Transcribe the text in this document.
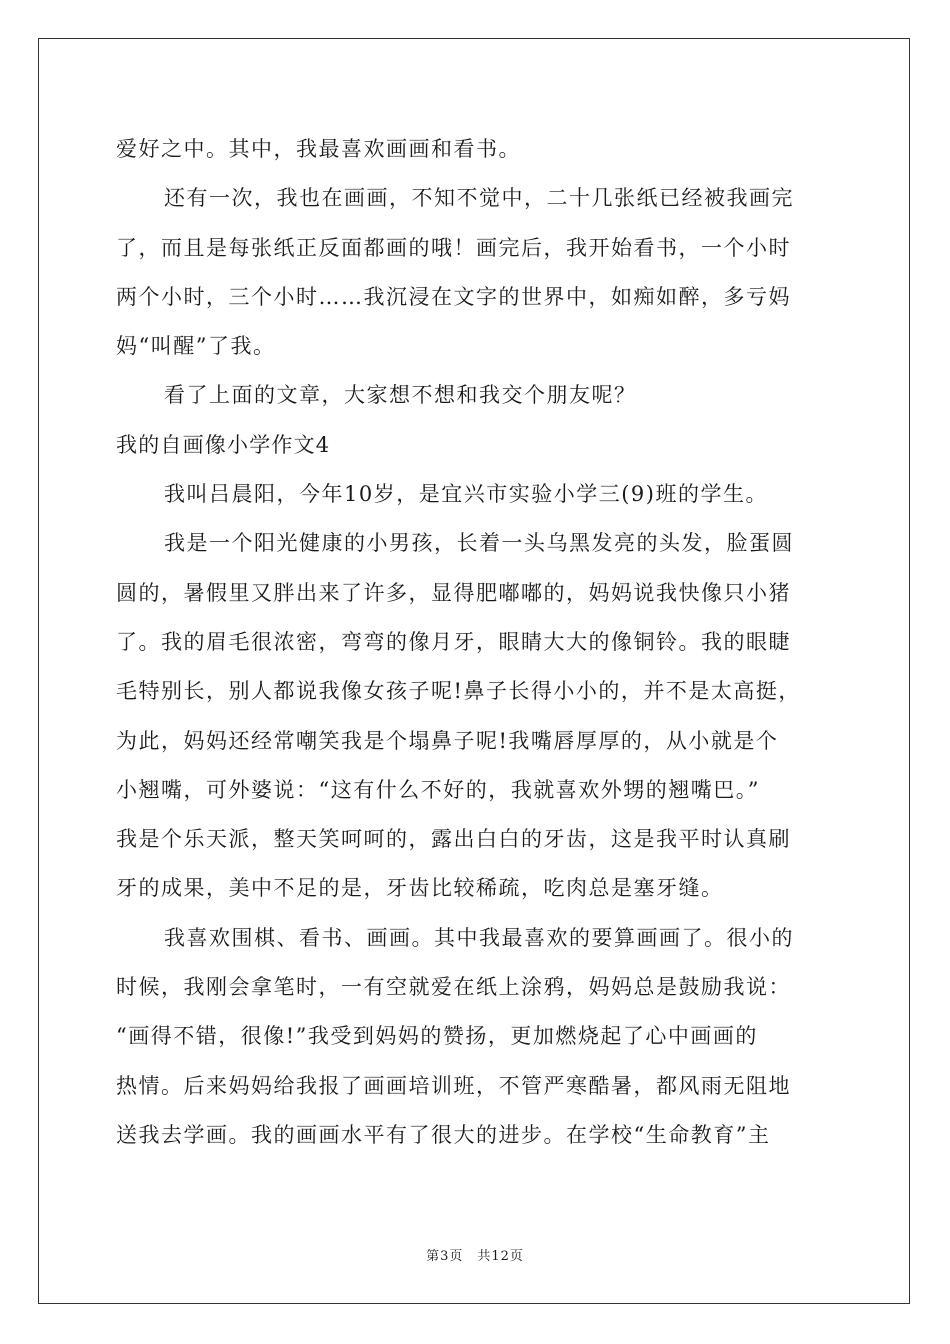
爱好之中。其中，我最喜欢画画和看书。
还有一次，我也在画画，不知不觉中，二十几张纸已经被我画完
了，而且是每张纸正反面都画的哦！画完后，我开始看书，一个小时
两个小时，三个小时……我沉浸在文字的世界中，如痴如醉，多亏妈
妈“叫醒”了我。
看了上面的文章，大家想不想和我交个朋友呢？
我的自画像小学作文4
我叫吕晨阳，今年10岁，是宜兴市实验小学三(9)班的学生。
我是一个阳光健康的小男孩，长着一头乌黑发亮的头发，脸蛋圆
圆的，暑假里又胖出来了许多，显得肥嘟嘟的，妈妈说我快像只小猪
了。我的眉毛很浓密，弯弯的像月牙，眼睛大大的像铜铃。我的眼睫
毛特别长，别人都说我像女孩子呢!鼻子长得小小的，并不是太高挺，
为此，妈妈还经常嘲笑我是个塌鼻子呢!我嘴唇厚厚的，从小就是个
小翘嘴，可外婆说：“这有什么不好的，我就喜欢外甥的翘嘴巴。”
我是个乐天派，整天笑呵呵的，露出白白的牙齿，这是我平时认真刷
牙的成果，美中不足的是，牙齿比较稀疏，吃肉总是塞牙缝。
我喜欢围棋、看书、画画。其中我最喜欢的要算画画了。很小的
时候，我刚会拿笔时，一有空就爱在纸上涂鸦，妈妈总是鼓励我说：
“画得不错，很像!”我受到妈妈的赞扬，更加燃烧起了心中画画的
热情。后来妈妈给我报了画画培训班，不管严寒酷暑，都风雨无阻地
送我去学画。我的画画水平有了很大的进步。在学校“生命教育”主
第3页　共12页
